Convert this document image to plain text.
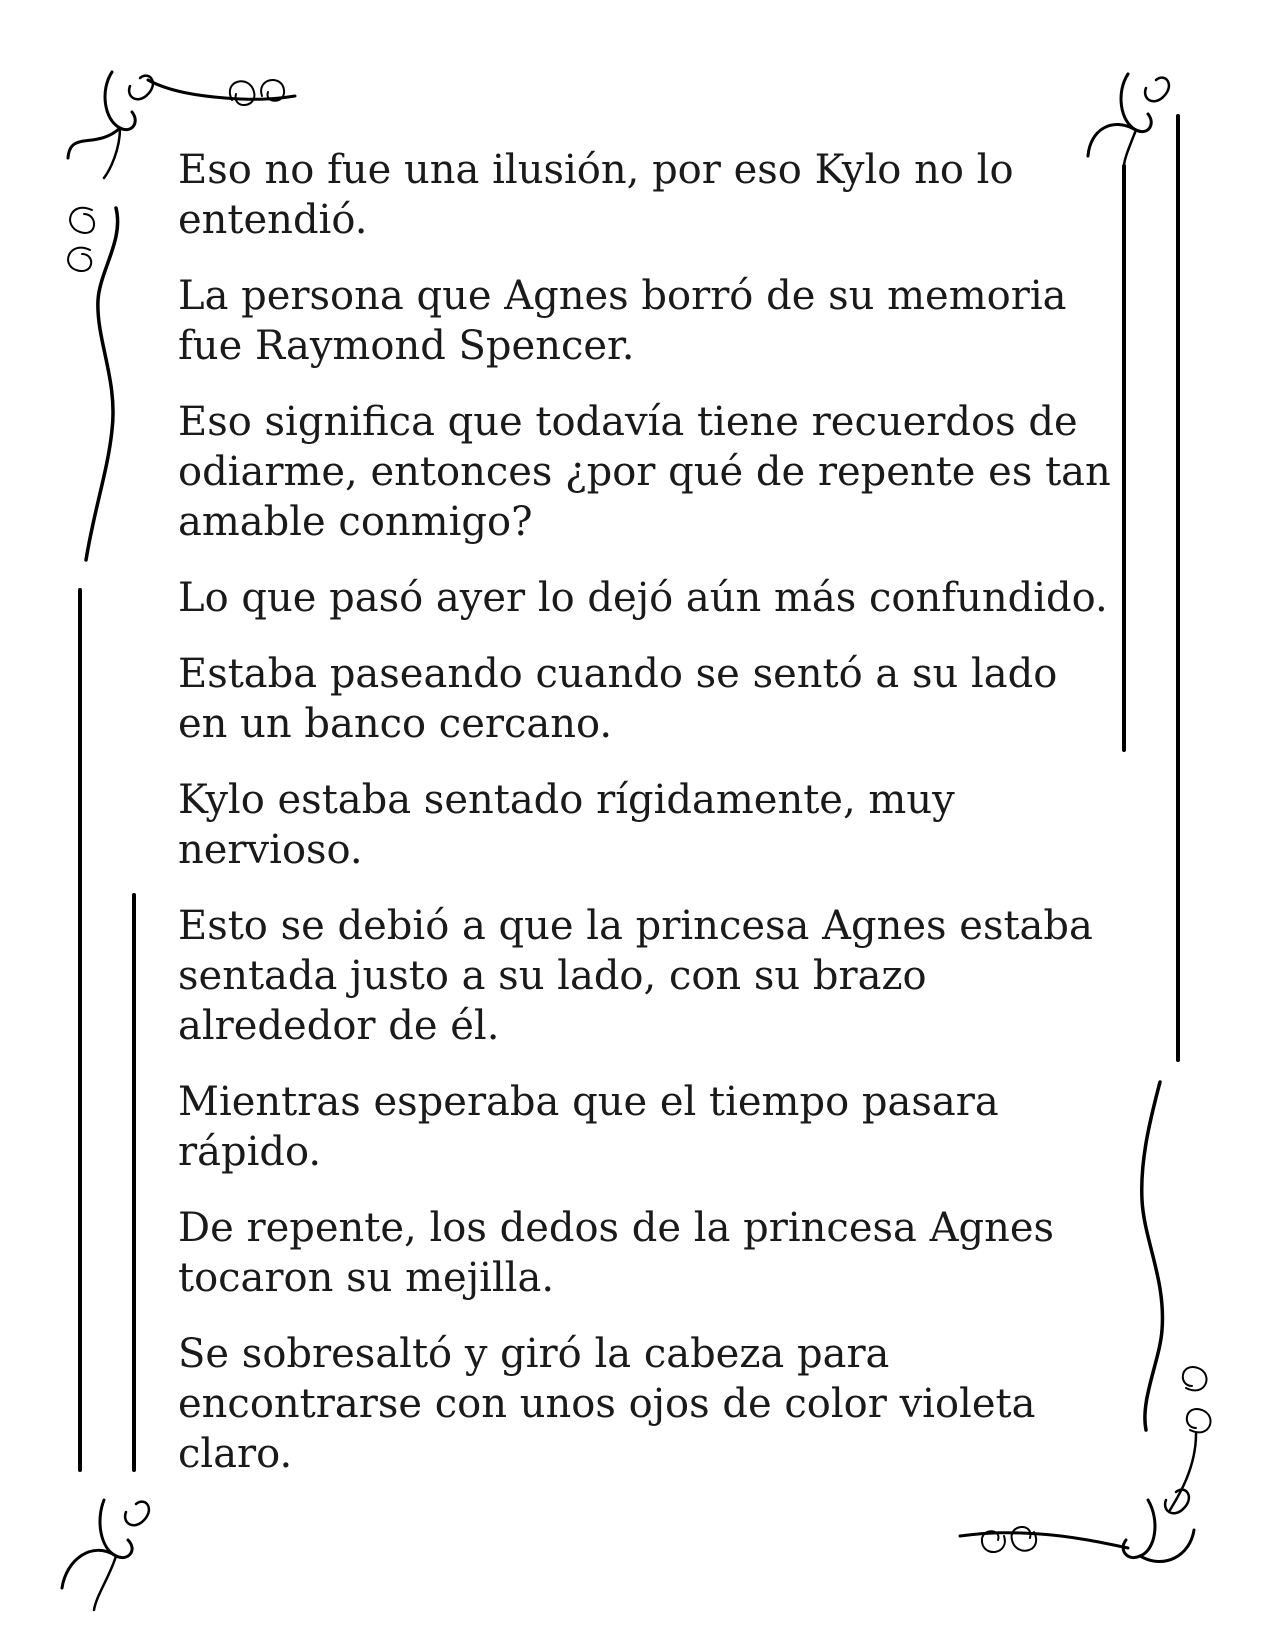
Eso no fue una ilusión, por eso Kylo no lo entendió.

La persona que Agnes borró de su memoria fue Raymond Spencer.

Eso significa que todavía tiene recuerdos de odiarme, entonces ¿por qué de repente es tan amable conmigo?

Lo que pasó ayer lo dejó aún más confundido.

Estaba paseando cuando se sentó a su lado en un banco cercano.

Kylo estaba sentado rígidamente, muy nervioso.

Esto se debió a que la princesa Agnes estaba sentada justo a su lado, con su brazo alrededor de él.

Mientras esperaba que el tiempo pasara rápido.

De repente, los dedos de la princesa Agnes tocaron su mejilla.

Se sobresaltó y giró la cabeza para encontrarse con unos ojos de color violeta claro.
